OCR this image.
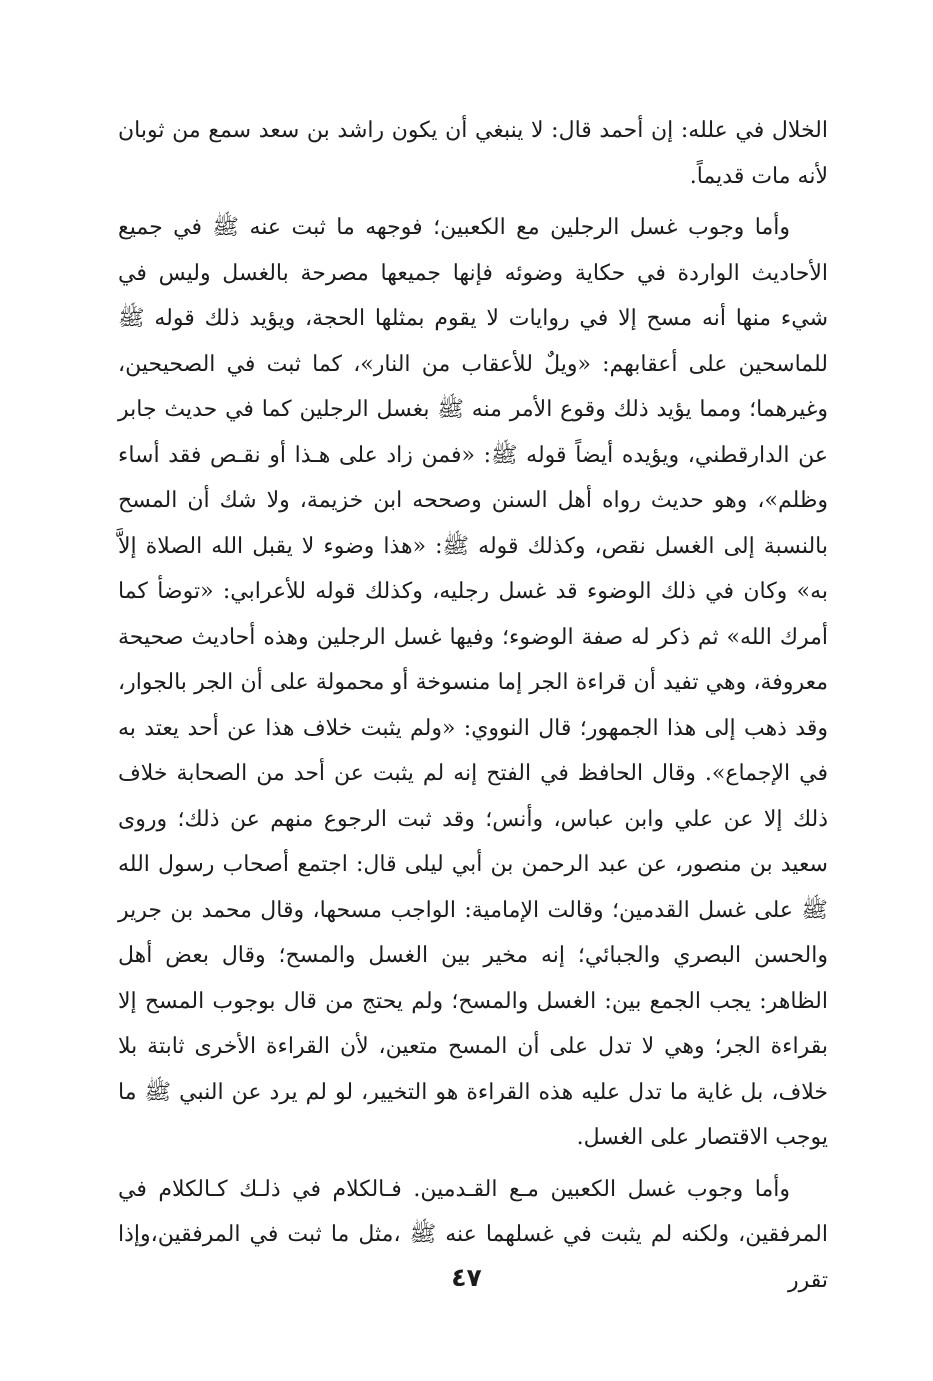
الخلال في علله: إن أحمد قال: لا ينبغي أن يكون راشد بن سعد سمع من ثوبان لأنه مات قديماً.

وأما وجوب غسل الرجلين مع الكعبين؛ فوجهه ما ثبت عنه ﷺ في جميع الأحاديث الواردة في حكاية وضوئه فإنها جميعها مصرحة بالغسل وليس في شيء منها أنه مسح إلا في روايات لا يقوم بمثلها الحجة، ويؤيد ذلك قوله ﷺ للماسحين على أعقابهم: «ويلٌ للأعقاب من النار»، كما ثبت في الصحيحين، وغيرهما؛ ومما يؤيد ذلك وقوع الأمر منه ﷺ بغسل الرجلين كما في حديث جابر عن الدارقطني، ويؤيده أيضاً قوله ﷺ: «فمن زاد على هـذا أو نقـص فقد أساء وظلم»، وهو حديث رواه أهل السنن وصححه ابن خزيمة، ولا شك أن المسح بالنسبة إلى الغسل نقص، وكذلك قوله ﷺ: «هذا وضوء لا يقبل الله الصلاة إلاَّ به» وكان في ذلك الوضوء قد غسل رجليه، وكذلك قوله للأعرابي: «توضأ كما أمرك الله» ثم ذكر له صفة الوضوء؛ وفيها غسل الرجلين وهذه أحاديث صحيحة معروفة، وهي تفيد أن قراءة الجر إما منسوخة أو محمولة على أن الجر بالجوار، وقد ذهب إلى هذا الجمهور؛ قال النووي: «ولم يثبت خلاف هذا عن أحد يعتد به في الإجماع». وقال الحافظ في الفتح إنه لم يثبت عن أحد من الصحابة خلاف ذلك إلا عن علي وابن عباس، وأنس؛ وقد ثبت الرجوع منهم عن ذلك؛ وروى سعيد بن منصور، عن عبد الرحمن بن أبي ليلى قال: اجتمع أصحاب رسول الله ﷺ على غسل القدمين؛ وقالت الإمامية: الواجب مسحها، وقال محمد بن جرير والحسن البصري والجبائي؛ إنه مخير بين الغسل والمسح؛ وقال بعض أهل الظاهر: يجب الجمع بين: الغسل والمسح؛ ولم يحتج من قال بوجوب المسح إلا بقراءة الجر؛ وهي لا تدل على أن المسح متعين، لأن القراءة الأخرى ثابتة بلا خلاف، بل غاية ما تدل عليه هذه القراءة هو التخيير، لو لم يرد عن النبي ﷺ ما يوجب الاقتصار على الغسل.

وأما وجوب غسل الكعبين مـع القـدمين. فـالكلام في ذلـك كـالكلام في المرفقين، ولكنه لم يثبت في غسلهما عنه ﷺ ،مثل ما ثبت في المرفقين،وإذا تقرر

٤٧
